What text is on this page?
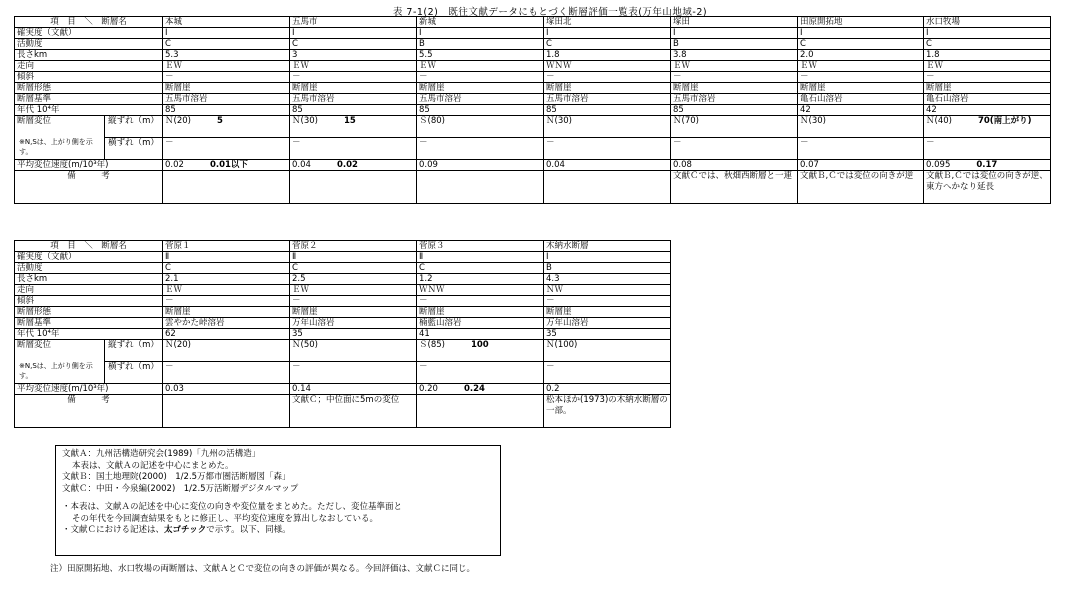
表 7-1(2)　既往文献データにもとづく断層評価一覧表(万年山地域-2)
項　目　＼　断層名		本城	五馬市	新城	塚田北	塚田	田原開拓地	水口牧場
確実度（文献）		Ⅰ	Ⅰ	Ⅰ	Ⅰ	Ⅰ	Ⅰ	Ⅰ
活動度		C	C	B	C	B	C	C
長さkm		5.3	3	5.5	1.8	3.8	2.0	1.8
走向		ＥＷ	ＥＷ	ＥＷ	ＷＮＷ	ＥＷ	ＥＷ	ＥＷ
傾斜		－	－	－	－	－	－	－
断層形態		断層崖	断層崖	断層崖	断層崖	断層崖	断層崖	断層崖
断層基準		五馬市溶岩	五馬市溶岩	五馬市溶岩	五馬市溶岩	五馬市溶岩	亀石山溶岩	亀石山溶岩
年代 10⁴年		85	85	85	85	85	42	42

断層変位
※N,Sは、上がり側を示す。	縦ずれ（m）	Ｎ(20) 5	Ｎ(30) 15	Ｓ(80)	Ｎ(30)	Ｎ(70)	Ｎ(30)	Ｎ(40) 70(南上がり)
	横ずれ（m）	－	－	－	－	－	－	－
平均変位速度(m/10³年)		0.02 0.01以下	0.04 0.02	0.09	0.04	0.08	0.07	0.095 0.17
備　　　考						文献Ｃでは、秋畑西断層と一連	文献Ｂ,Ｃでは変位の向きが逆	文献Ｂ,Ｃでは変位の向きが逆、東方へかなり延長
項　目　＼　断層名		菅原１	菅原２	菅原３	木納水断層
確実度（文献）		Ⅱ	Ⅱ	Ⅱ	Ⅰ
活動度		C	C	C	B
長さkm		2.1	2.5	1.2	4.3
走向		ＥＷ	ＥＷ	ＷＮＷ	ＮＷ
傾斜		－	－	－	－
断層形態		断層崖	断層崖	断層崖	断層崖
断層基準		雲やかた峠溶岩	万年山溶岩	楠藍山溶岩	万年山溶岩
年代 10⁴年		62	35	41	35

断層変位
※N,Sは、上がり側を示す。	縦ずれ（m）	Ｎ(20)	Ｎ(50)	Ｓ(85) 100	Ｎ(100)
	横ずれ（m）	－	－	－	－
平均変位速度(m/10³年)		0.03	0.14	0.20 0.24	0.2
備　　　考			文献Ｃ；中位面に5mの変位		松本ほか(1973)の木納水断層の一部。

文献Ａ：九州活構造研究会(1989)「九州の活構造」

本表は、文献Ａの記述を中心にまとめた。

文献Ｂ：国土地理院(2000)　1/2.5万都市圏活断層図「森」

文献Ｃ：中田・今泉編(2002)　1/2.5万活断層デジタルマップ

・本表は、文献Ａの記述を中心に変位の向きや変位量をまとめた。ただし、変位基準面と

その年代を今回調査結果をもとに修正し、平均変位速度を算出しなおしている。

・文献Ｃにおける記述は、太ゴチックで示す。以下、同様。

注）田原開拓地、水口牧場の両断層は、文献ＡとＣで変位の向きの評価が異なる。今回評価は、文献Ｃに同じ。
